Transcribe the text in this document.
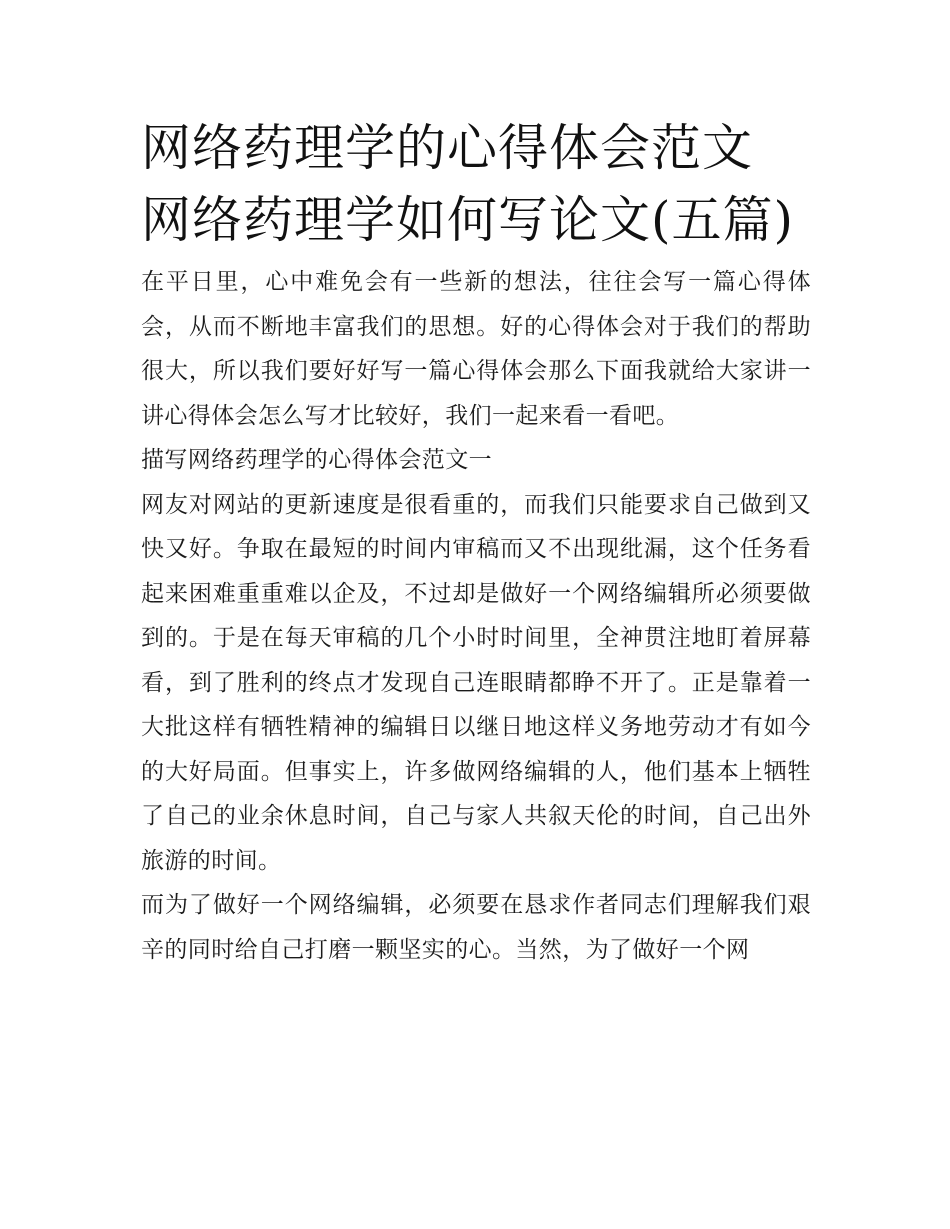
网络药理学的心得体会范文 网络药理学如何写论文(五篇)

在平日里，心中难免会有一些新的想法，往往会写一篇心得体会，从而不断地丰富我们的思想。好的心得体会对于我们的帮助很大，所以我们要好好写一篇心得体会那么下面我就给大家讲一讲心得体会怎么写才比较好，我们一起来看一看吧。

描写网络药理学的心得体会范文一

网友对网站的更新速度是很看重的，而我们只能要求自己做到又快又好。争取在最短的时间内审稿而又不出现纰漏，这个任务看起来困难重重难以企及，不过却是做好一个网络编辑所必须要做到的。于是在每天审稿的几个小时时间里，全神贯注地盯着屏幕看，到了胜利的终点才发现自己连眼睛都睁不开了。正是靠着一大批这样有牺牲精神的编辑日以继日地这样义务地劳动才有如今的大好局面。但事实上，许多做网络编辑的人，他们基本上牺牲了自己的业余休息时间，自己与家人共叙天伦的时间，自己出外旅游的时间。

而为了做好一个网络编辑，必须要在恳求作者同志们理解我们艰辛的同时给自己打磨一颗坚实的心。当然，为了做好一个网
